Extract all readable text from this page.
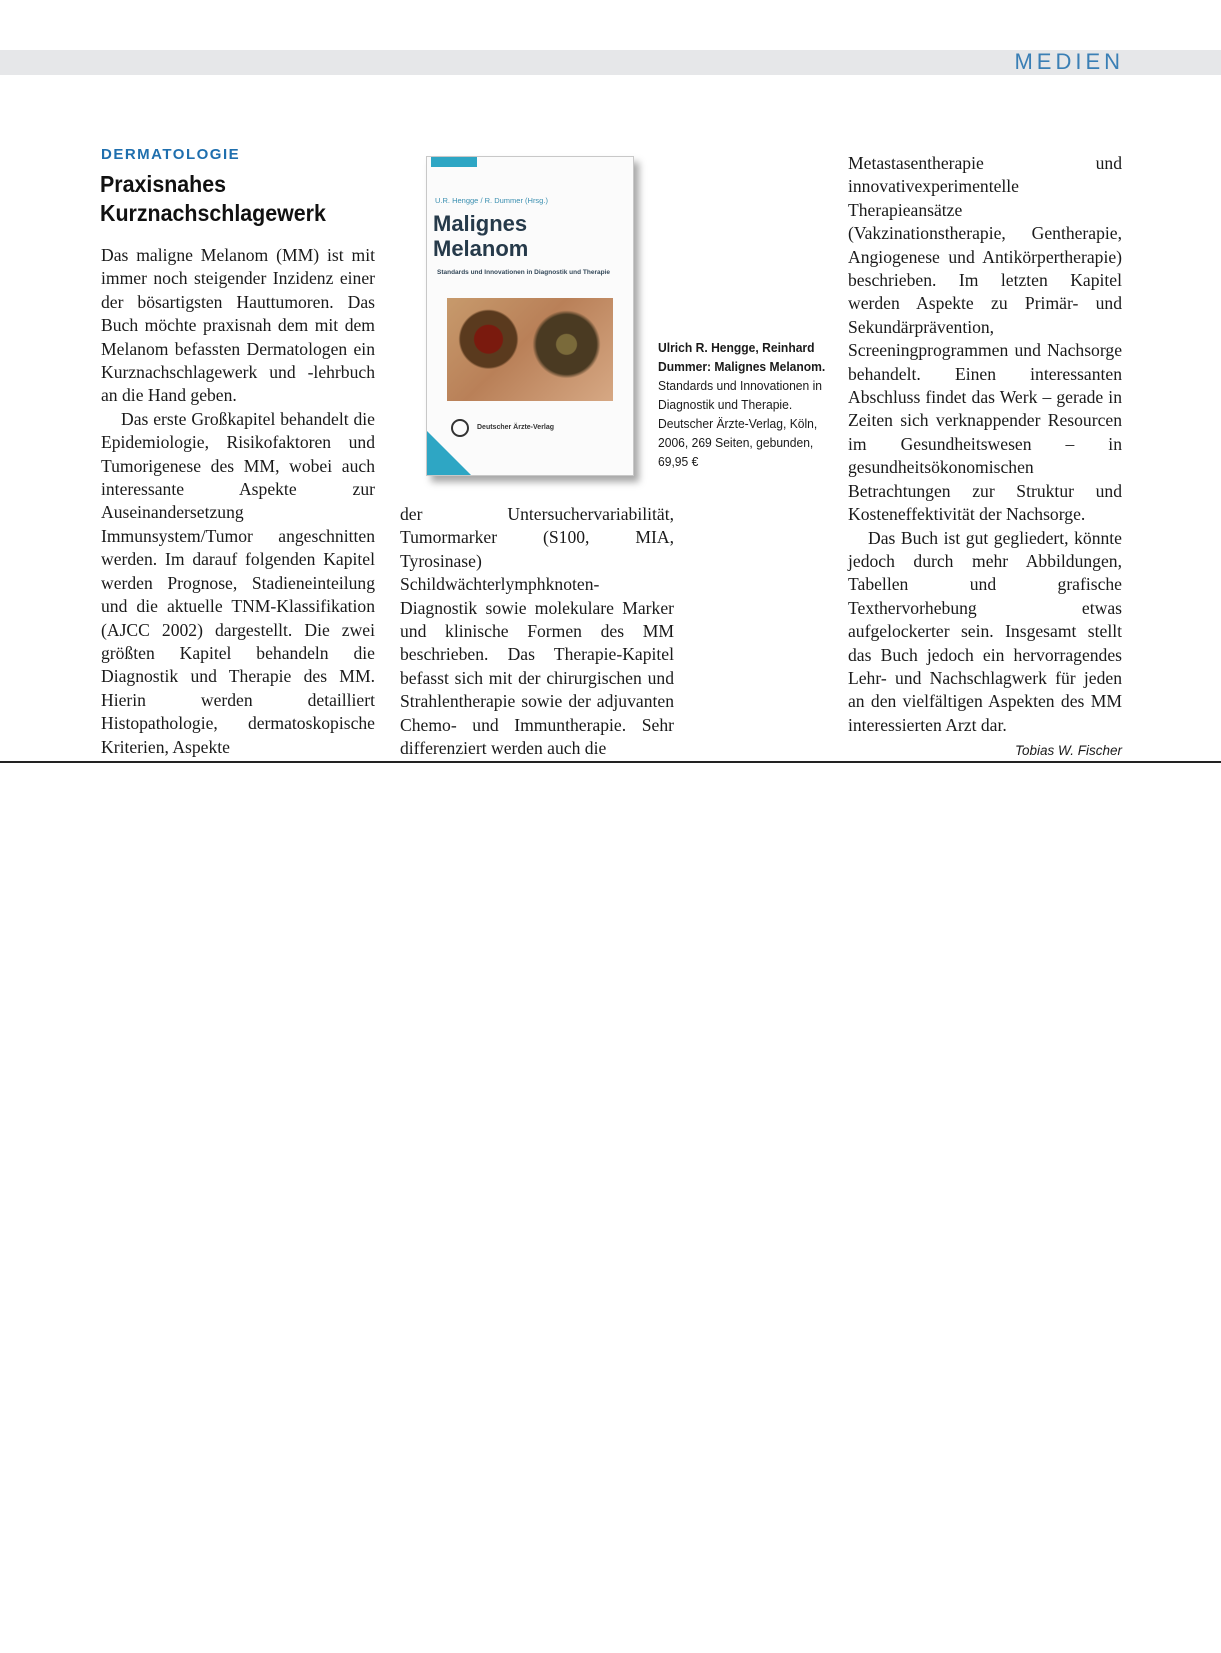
MEDIEN
DERMATOLOGIE
Praxisnahes Kurznachschlagewerk

Das maligne Melanom (MM) ist mit immer noch steigender Inzidenz einer der bösartigsten Hauttumoren. Das Buch möchte praxisnah dem mit dem Melanom befassten Dermatologen ein Kurznachschlagewerk und -lehrbuch an die Hand geben.

Das erste Großkapitel behandelt die Epidemiologie, Risikofaktoren und Tumorigenese des MM, wobei auch interessante Aspekte zur Auseinandersetzung Immunsystem/Tumor angeschnitten werden. Im darauf folgenden Kapitel werden Prognose, Stadieneinteilung und die aktuelle TNM-Klassifikation (AJCC 2002) dargestellt. Die zwei größten Kapitel behandeln die Diagnostik und Therapie des MM. Hierin werden detailliert Histopathologie, dermatoskopische Kriterien, Aspekte

U.R. Hengge / R. Dummer (Hrsg.)
Malignes Melanom
Standards und Innovationen in Diagnostik und Therapie
Deutscher Ärzte-Verlag
Ulrich R. Hengge, Reinhard Dummer: Malignes Melanom.
Standards und Innovationen in Diagnostik und Therapie. Deutscher Ärzte-Verlag, Köln, 2006, 269 Seiten, gebunden, 69,95 €

der Untersuchervariabilität, Tumormarker (S100, MIA, Tyrosinase) Schildwächterlymphknoten-Diagnostik sowie molekulare Marker und klinische Formen des MM beschrieben. Das Therapie-Kapitel befasst sich mit der chirurgischen und Strahlentherapie sowie der adjuvanten Chemo- und Immuntherapie. Sehr differenziert werden auch die

Metastasentherapie und innovativexperimentelle Therapieansätze (Vakzinationstherapie, Gentherapie, Angiogenese und Antikörpertherapie) beschrieben. Im letzten Kapitel werden Aspekte zu Primär- und Sekundärprävention, Screeningprogrammen und Nachsorge behandelt. Einen interessanten Abschluss findet das Werk – gerade in Zeiten sich verknappender Resourcen im Gesundheitswesen – in gesundheitsökonomischen Betrachtungen zur Struktur und Kosteneffektivität der Nachsorge.

Das Buch ist gut gegliedert, könnte jedoch durch mehr Abbildungen, Tabellen und grafische Texthervorhebung etwas aufgelockerter sein. Insgesamt stellt das Buch jedoch ein hervorragendes Lehr- und Nachschlagwerk für jeden an den vielfältigen Aspekten des MM interessierten Arzt dar.

Tobias W. Fischer
